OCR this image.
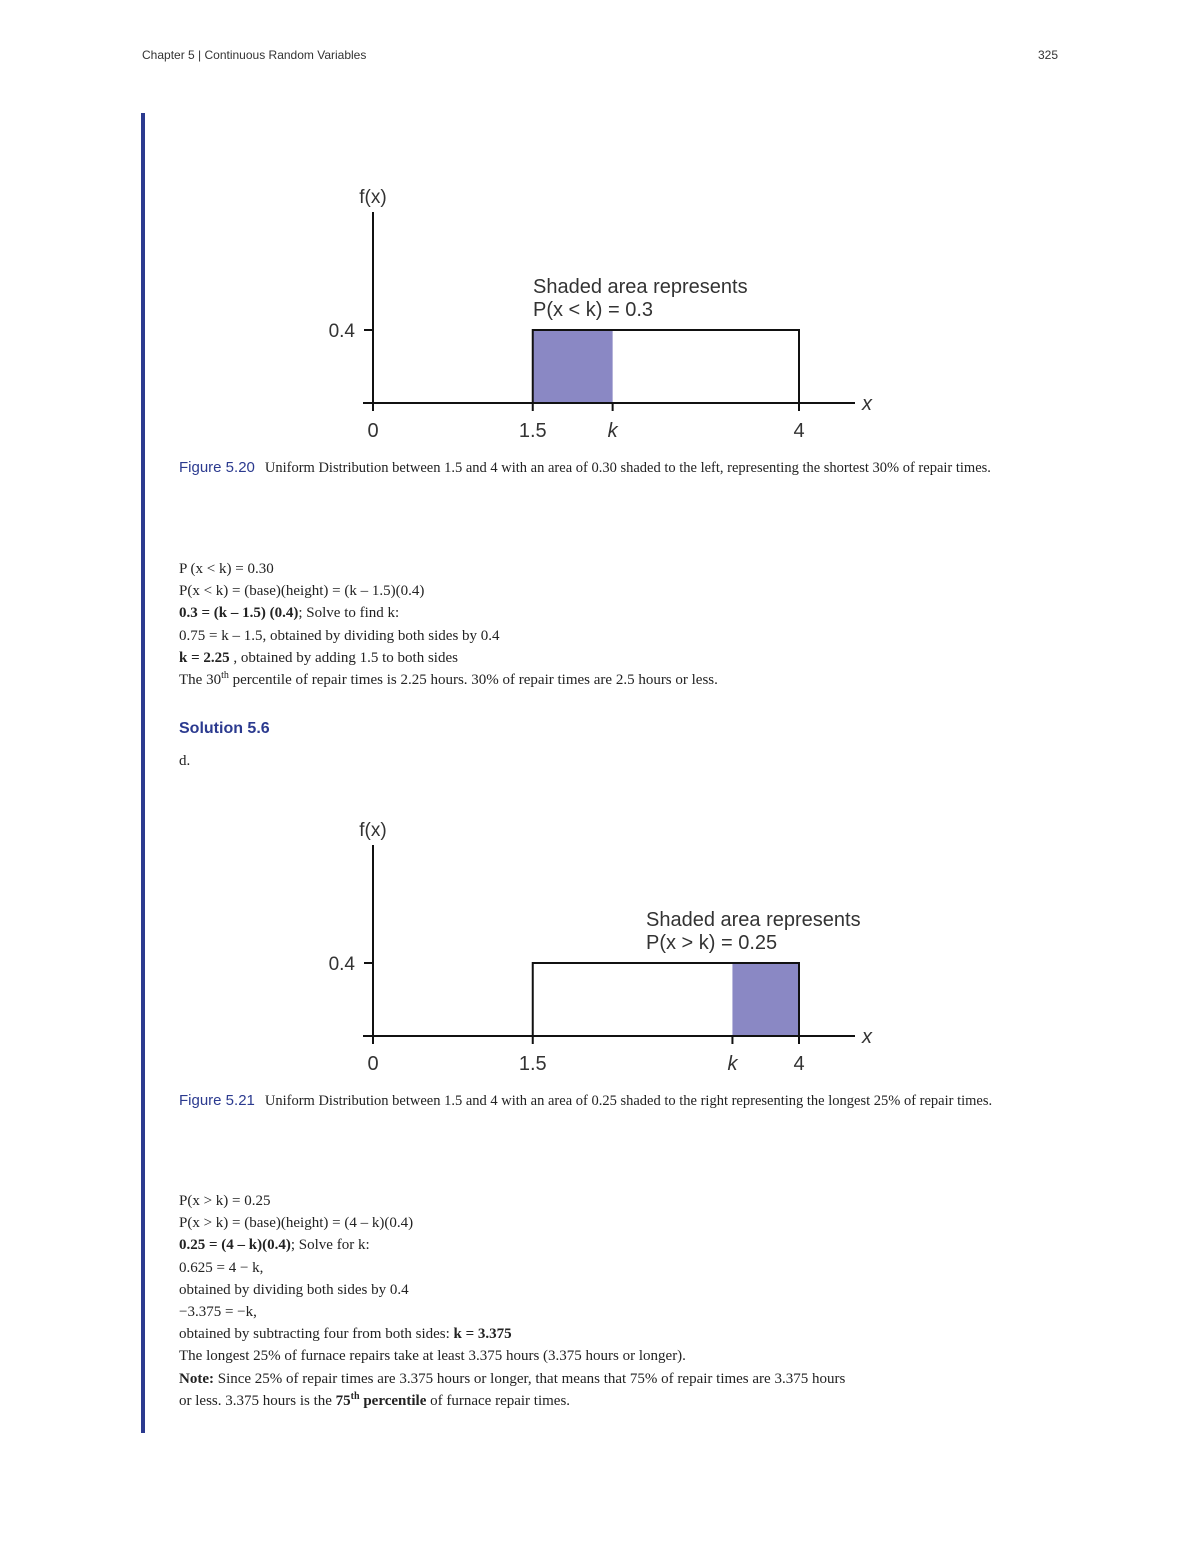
Chapter 5 | Continuous Random Variables	325
0	1.5	k	4
f(x)
x
0.4
Shaded area represents
P(x < k) = 0.3
Figure 5.20 Uniform Distribution between 1.5 and 4 with an area of 0.30 shaded to the left, representing the shortest 30% of repair times.
P (x < k) = 0.30
P(x < k) = (base)(height) = (k – 1.5)(0.4)
0.3 = (k – 1.5) (0.4); Solve to find k:
0.75 = k – 1.5, obtained by dividing both sides by 0.4
k = 2.25 , obtained by adding 1.5 to both sides
The 30th percentile of repair times is 2.25 hours. 30% of repair times are 2.5 hours or less.
Solution 5.6
d.
0	1.5	k	4
f(x)
x
0.4
Shaded area represents
P(x > k) = 0.25
Figure 5.21 Uniform Distribution between 1.5 and 4 with an area of 0.25 shaded to the right representing the longest 25% of repair times.
P(x > k) = 0.25
P(x > k) = (base)(height) = (4 – k)(0.4)
0.25 = (4 – k)(0.4); Solve for k:
0.625 = 4 − k,
obtained by dividing both sides by 0.4
−3.375 = −k,
obtained by subtracting four from both sides: k = 3.375
The longest 25% of furnace repairs take at least 3.375 hours (3.375 hours or longer).
Note: Since 25% of repair times are 3.375 hours or longer, that means that 75% of repair times are 3.375 hours
or less. 3.375 hours is the 75th percentile of furnace repair times.
